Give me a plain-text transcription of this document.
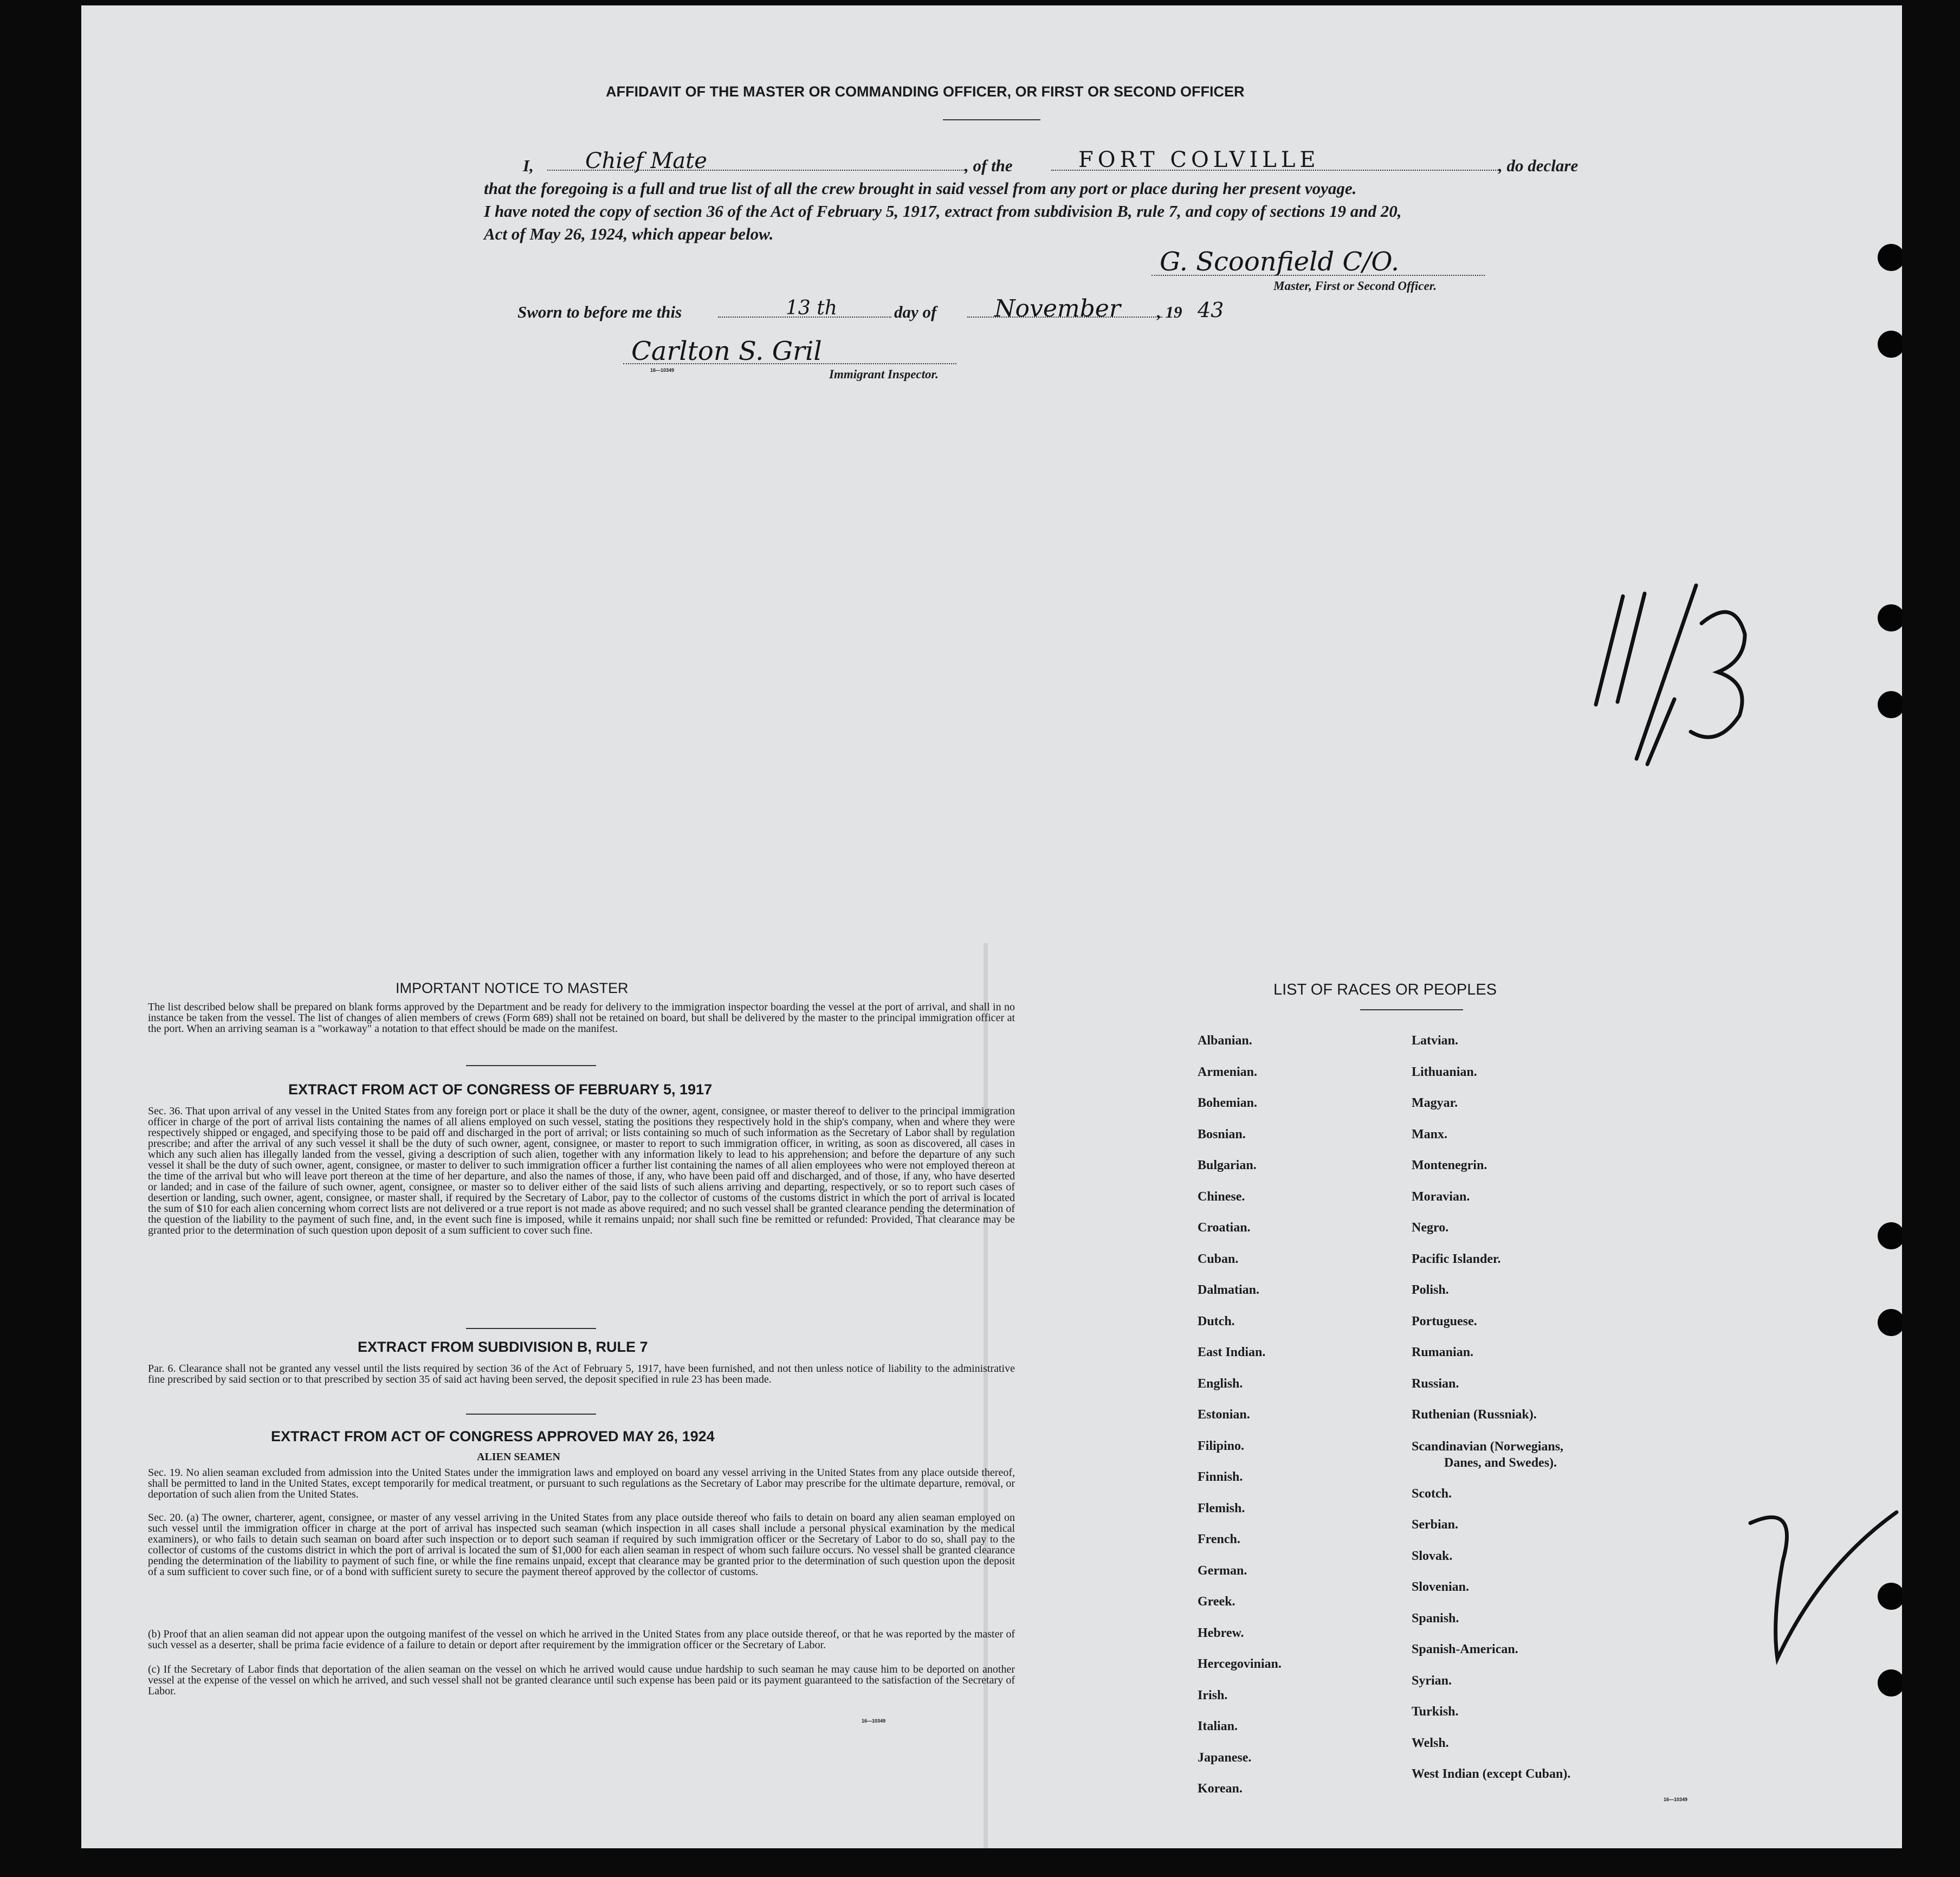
AFFIDAVIT OF THE MASTER OR COMMANDING OFFICER, OR FIRST OR SECOND OFFICER
I, Chief Mate	, of the	FORT COLVILLE	, do declare
that the foregoing is a full and true list of all the crew brought in said vessel from any port or place during her present voyage.
I have noted the copy of section 36 of the Act of February 5, 1917, extract from subdivision B, rule 7, and copy of sections 19 and 20,
Act of May 26, 1924, which appear below.
G. Scoonfield C/O.
Master, First or Second Officer.
Sworn to before me this	13 th	day of November , 19 43
Carlton S. Gril
16—10349	Immigrant Inspector.
IMPORTANT NOTICE TO MASTER
The list described below shall be prepared on blank forms approved by the Department and be ready for delivery to the immigration inspector boarding the vessel at the port of arrival, and shall in no instance be taken from the vessel. The list of changes of alien members of crews (Form 689) shall not be retained on board, but shall be delivered by the master to the principal immigration officer at the port. When an arriving seaman is a "workaway" a notation to that effect should be made on the manifest.
EXTRACT FROM ACT OF CONGRESS OF FEBRUARY 5, 1917
Sec. 36. That upon arrival of any vessel in the United States from any foreign port or place it shall be the duty of the owner, agent, consignee, or master thereof to deliver to the principal immigration officer in charge of the port of arrival lists containing the names of all aliens employed on such vessel, stating the positions they respectively hold in the ship's company, when and where they were respectively shipped or engaged, and specifying those to be paid off and discharged in the port of arrival; or lists containing so much of such information as the Secretary of Labor shall by regulation prescribe; and after the arrival of any such vessel it shall be the duty of such owner, agent, consignee, or master to report to such immigration officer, in writing, as soon as discovered, all cases in which any such alien has illegally landed from the vessel, giving a description of such alien, together with any information likely to lead to his apprehension; and before the departure of any such vessel it shall be the duty of such owner, agent, consignee, or master to deliver to such immigration officer a further list containing the names of all alien employees who were not employed thereon at the time of the arrival but who will leave port thereon at the time of her departure, and also the names of those, if any, who have been paid off and discharged, and of those, if any, who have deserted or landed; and in case of the failure of such owner, agent, consignee, or master so to deliver either of the said lists of such aliens arriving and departing, respectively, or so to report such cases of desertion or landing, such owner, agent, consignee, or master shall, if required by the Secretary of Labor, pay to the collector of customs of the customs district in which the port of arrival is located the sum of $10 for each alien concerning whom correct lists are not delivered or a true report is not made as above required; and no such vessel shall be granted clearance pending the determination of the question of the liability to the payment of such fine, and, in the event such fine is imposed, while it remains unpaid; nor shall such fine be remitted or refunded: Provided, That clearance may be granted prior to the determination of such question upon deposit of a sum sufficient to cover such fine.
EXTRACT FROM SUBDIVISION B, RULE 7
Par. 6. Clearance shall not be granted any vessel until the lists required by section 36 of the Act of February 5, 1917, have been furnished, and not then unless notice of liability to the administrative fine prescribed by said section or to that prescribed by section 35 of said act having been served, the deposit specified in rule 23 has been made.
EXTRACT FROM ACT OF CONGRESS APPROVED MAY 26, 1924
ALIEN SEAMEN
Sec. 19. No alien seaman excluded from admission into the United States under the immigration laws and employed on board any vessel arriving in the United States from any place outside thereof, shall be permitted to land in the United States, except temporarily for medical treatment, or pursuant to such regulations as the Secretary of Labor may prescribe for the ultimate departure, removal, or deportation of such alien from the United States.
Sec. 20. (a) The owner, charterer, agent, consignee, or master of any vessel arriving in the United States from any place outside thereof who fails to detain on board any alien seaman employed on such vessel until the immigration officer in charge at the port of arrival has inspected such seaman (which inspection in all cases shall include a personal physical examination by the medical examiners), or who fails to detain such seaman on board after such inspection or to deport such seaman if required by such immigration officer or the Secretary of Labor to do so, shall pay to the collector of customs of the customs district in which the port of arrival is located the sum of $1,000 for each alien seaman in respect of whom such failure occurs. No vessel shall be granted clearance pending the determination of the liability to payment of such fine, or while the fine remains unpaid, except that clearance may be granted prior to the determination of such question upon the deposit of a sum sufficient to cover such fine, or of a bond with sufficient surety to secure the payment thereof approved by the collector of customs.
(b) Proof that an alien seaman did not appear upon the outgoing manifest of the vessel on which he arrived in the United States from any place outside thereof, or that he was reported by the master of such vessel as a deserter, shall be prima facie evidence of a failure to detain or deport after requirement by the immigration officer or the Secretary of Labor.
(c) If the Secretary of Labor finds that deportation of the alien seaman on the vessel on which he arrived would cause undue hardship to such seaman he may cause him to be deported on another vessel at the expense of the vessel on which he arrived, and such vessel shall not be granted clearance until such expense has been paid or its payment guaranteed to the satisfaction of the Secretary of Labor.
16—10349
LIST OF RACES OR PEOPLES
Albanian.
Armenian.
Bohemian.
Bosnian.
Bulgarian.
Chinese.
Croatian.
Cuban.
Dalmatian.
Dutch.
East Indian.
English.
Estonian.
Filipino.
Finnish.
Flemish.
French.
German.
Greek.
Hebrew.
Hercegovinian.
Irish.
Italian.
Japanese.
Korean.
Latvian.
Lithuanian.
Magyar.
Manx.
Montenegrin.
Moravian.
Negro.
Pacific Islander.
Polish.
Portuguese.
Rumanian.
Russian.
Ruthenian (Russniak).
Scandinavian (Norwegians,
Danes, and Swedes).
Scotch.
Serbian.
Slovak.
Slovenian.
Spanish.
Spanish-American.
Syrian.
Turkish.
Welsh.
West Indian (except Cuban).
16—10349
